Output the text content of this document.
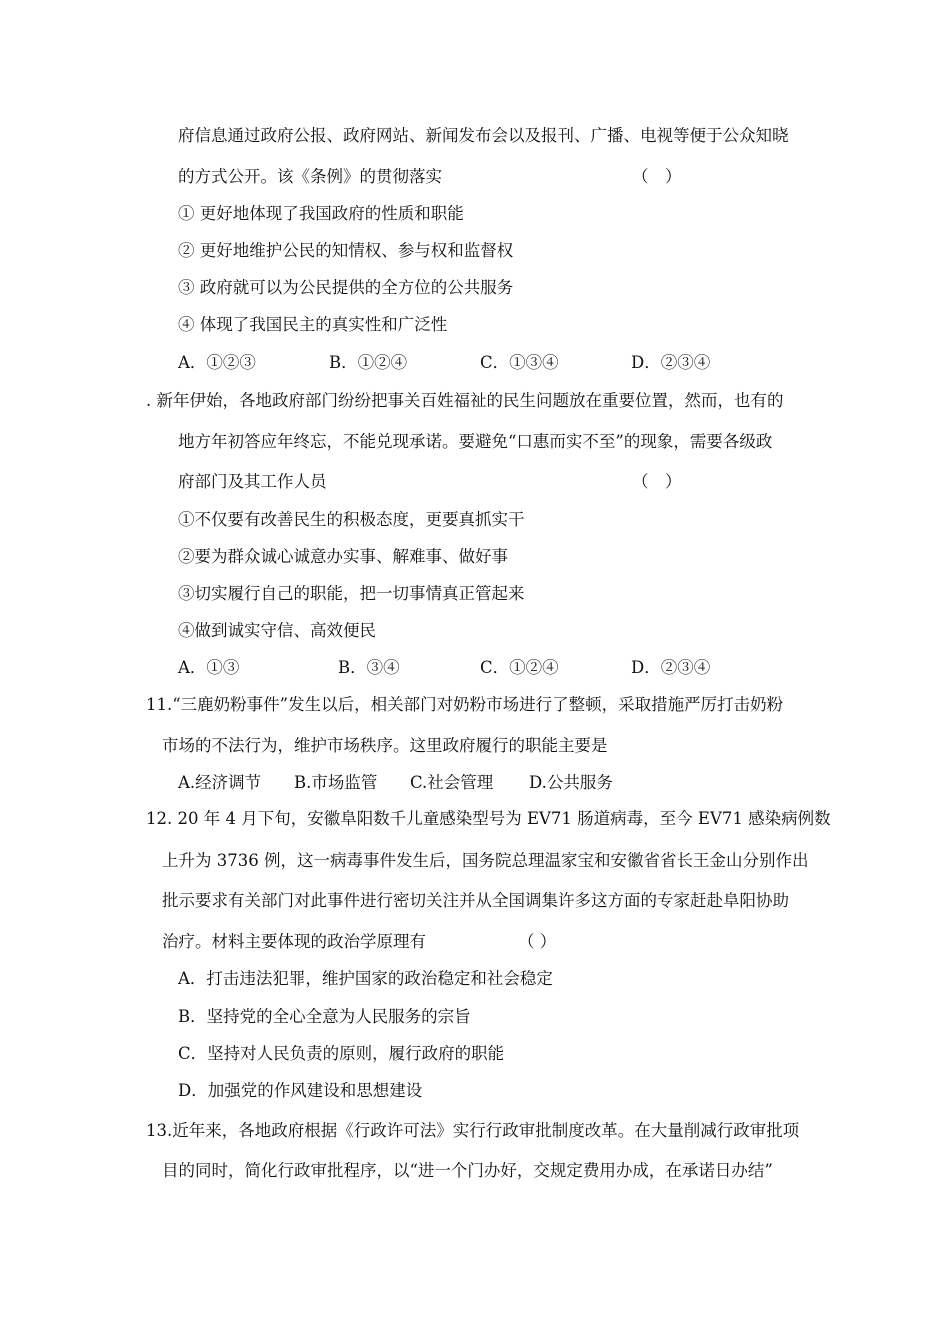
府信息通过政府公报、政府网站、新闻发布会以及报刊、广播、电视等便于公众知晓
的方式公开。该《条例》的贯彻落实	（　）
① 更好地体现了我国政府的性质和职能
② 更好地维护公民的知情权、参与权和监督权
③ 政府就可以为公民提供的全方位的公共服务
④ 体现了我国民主的真实性和广泛性
A．①②③	B．①②④	C．①③④	D．②③④
. 新年伊始，各地政府部门纷纷把事关百姓福祉的民生问题放在重要位置，然而，也有的
地方年初答应年终忘，不能兑现承诺。要避免“口惠而实不至”的现象，需要各级政
府部门及其工作人员	（　）
①不仅要有改善民生的积极态度，更要真抓实干
②要为群众诚心诚意办实事、解难事、做好事
③切实履行自己的职能，把一切事情真正管起来
④做到诚实守信、高效便民
A．①③	B．③④	C．①②④	D．②③④
11.“三鹿奶粉事件”发生以后，相关部门对奶粉市场进行了整顿，采取措施严厉打击奶粉
市场的不法行为，维护市场秩序。这里政府履行的职能主要是
A.经济调节 B.市场监管 C.社会管理 D.公共服务
12. 20 年 4 月下旬，安徽阜阳数千儿童感染型号为 EV71 肠道病毒，至今 EV71 感染病例数
上升为 3736 例，这一病毒事件发生后，国务院总理温家宝和安徽省省长王金山分别作出
批示要求有关部门对此事件进行密切关注并从全国调集许多这方面的专家赶赴阜阳协助
治疗。材料主要体现的政治学原理有	（ ）
A．打击违法犯罪，维护国家的政治稳定和社会稳定
B．坚持党的全心全意为人民服务的宗旨
C．坚持对人民负责的原则，履行政府的职能
D．加强党的作风建设和思想建设
13.近年来，各地政府根据《行政许可法》实行行政审批制度改革。在大量削减行政审批项
目的同时，简化行政审批程序，以“进一个门办好，交规定费用办成，在承诺日办结”
